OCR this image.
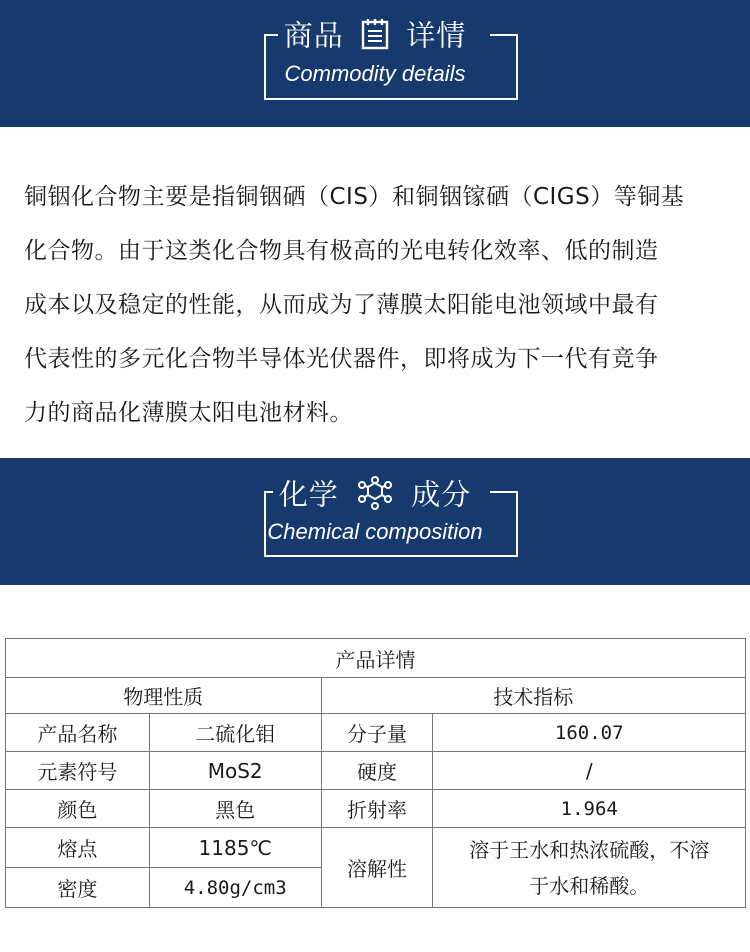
商品 详情
Commodity details
铜铟化合物主要是指铜铟硒（CIS）和铜铟镓硒（CIGS）等铜基
化合物。由于这类化合物具有极高的光电转化效率、低的制造
成本以及稳定的性能，从而成为了薄膜太阳能电池领域中最有
代表性的多元化合物半导体光伏器件，即将成为下一代有竞争
力的商品化薄膜太阳电池材料。
化学 成分
Chemical composition
产品详情			
物理性质		技术指标	
产品名称	二硫化钼	分子量	160.07
元素符号	MoS2	硬度	/
颜色	黑色	折射率	1.964
熔点	1185℃	溶解性	溶于王水和热浓硫酸，不溶
于水和稀酸。

密度	4.80g/cm3		
